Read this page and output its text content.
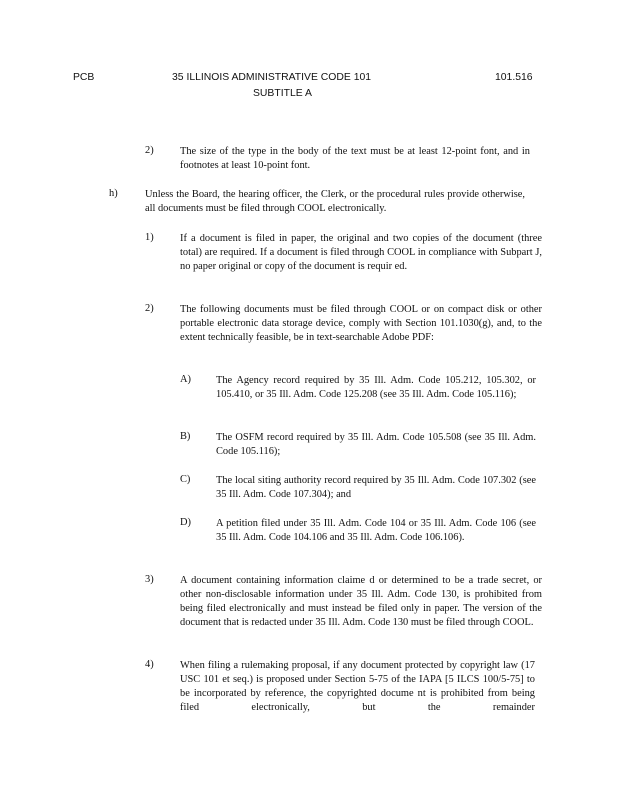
PCB	35 ILLINOIS ADMINISTRATIVE CODE 101
SUBTITLE A
101.516
2)	The size of the type in the body of the text must be at least 12-point font, and in footnotes at least 10-point font.
h)	Unless the Board, the hearing officer, the Clerk, or the procedural rules provide otherwise, all documents must be filed through COOL electronically.
1)	If a document is filed in paper, the original and two copies of the document (three total) are required. If a document is filed through COOL in compliance with Subpart J, no paper original or copy of the document is requir ed.
2)	The following documents must be filed through COOL or on compact disk or other portable electronic data storage device, comply with Section 101.1030(g), and, to the extent technically feasible, be in text-searchable Adobe PDF:
A) The Agency record required by 35 Ill. Adm. Code 105.212, 105.302, or 105.410, or 35 Ill. Adm. Code 125.208 (see 35 Ill. Adm. Code 105.116);
B) The OSFM record required by 35 Ill. Adm. Code 105.508 (see 35 Ill. Adm. Code 105.116);
C) The local siting authority record required by 35 Ill. Adm. Code 107.302 (see 35 Ill. Adm. Code 107.304); and
D) A petition filed under 35 Ill. Adm. Code 104 or 35 Ill. Adm. Code 106 (see 35 Ill. Adm. Code 104.106 and 35 Ill. Adm. Code 106.106).
3)	A document containing information claime d or determined to be a trade secret, or other non-disclosable information under 35 Ill. Adm. Code 130, is prohibited from being filed electronically and must instead be filed only in paper. The version of the document that is redacted under 35 Ill. Adm. Code 130 must be filed through COOL.
4)	When filing a rulemaking proposal, if any document protected by copyright law (17 USC 101 et seq.) is proposed under Section 5-75 of the IAPA [5 ILCS 100/5-75] to be incorporated by reference, the copyrighted docume nt is prohibited from being filed electronically, but the remainder
